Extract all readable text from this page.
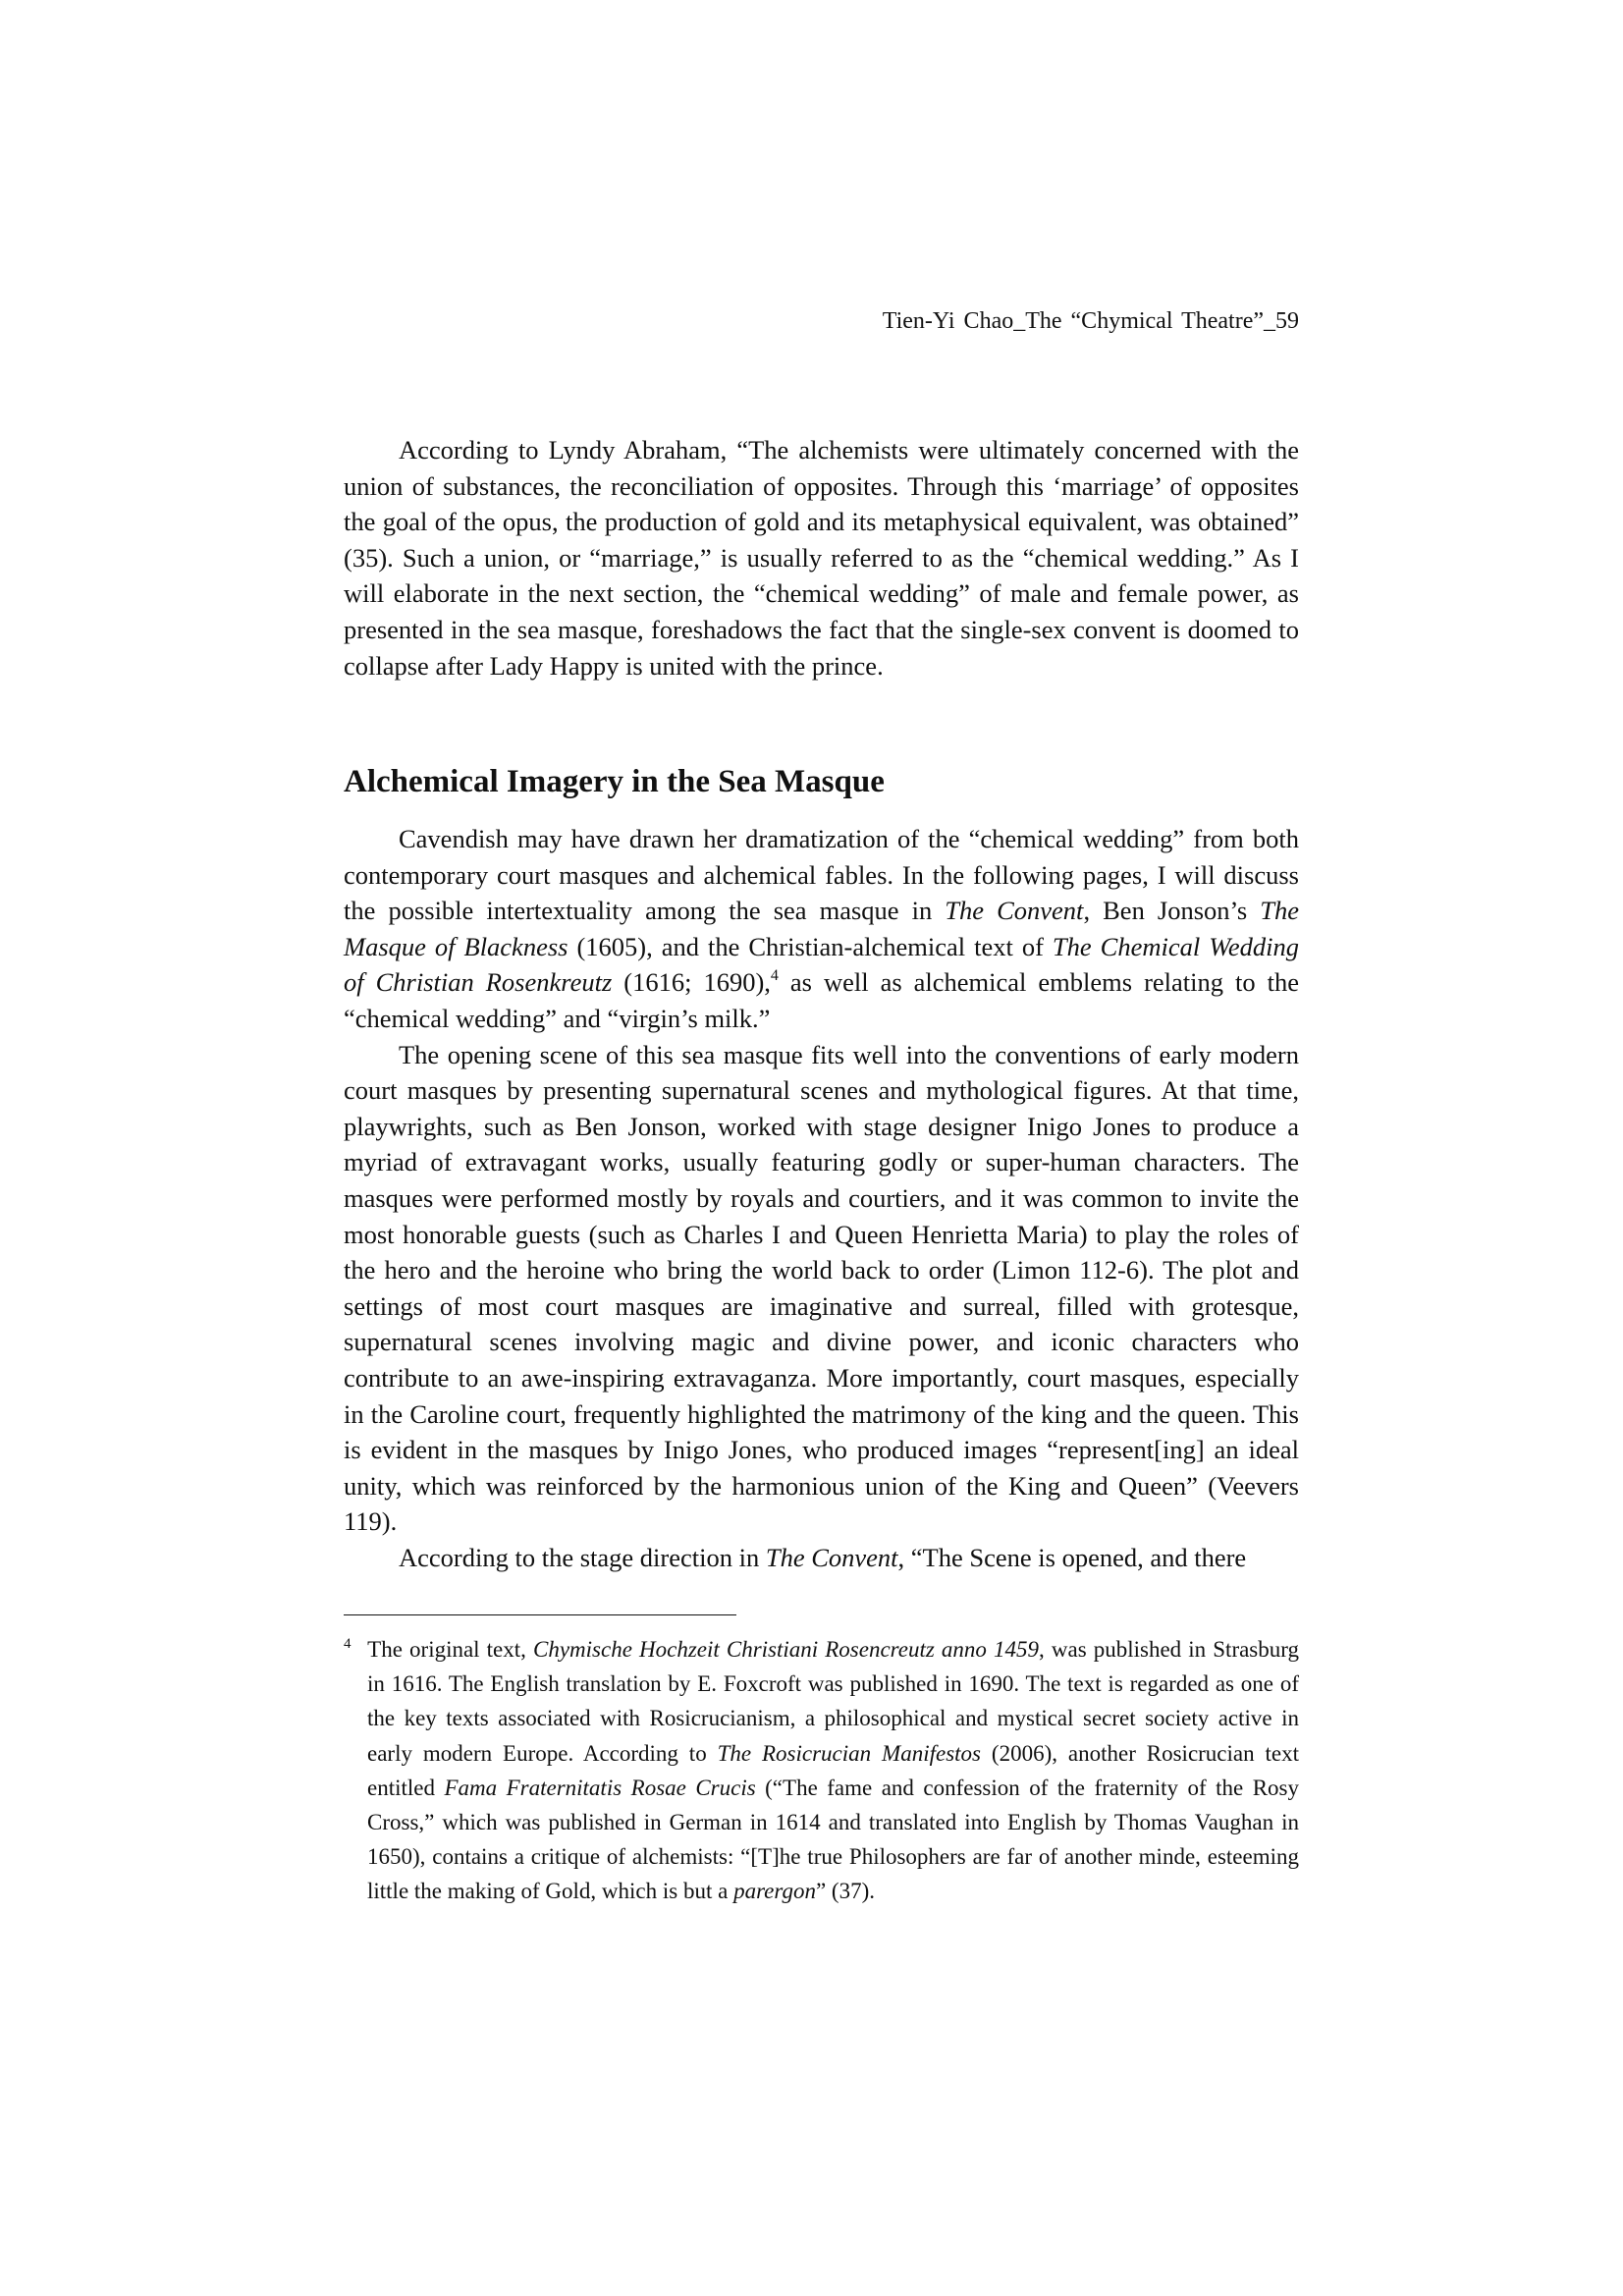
Tien-Yi Chao_The “Chymical Theatre”_59

According to Lyndy Abraham, “The alchemists were ultimately concerned with the union of substances, the reconciliation of opposites. Through this ‘marriage’ of opposites the goal of the opus, the production of gold and its metaphysical equivalent, was obtained” (35). Such a union, or “marriage,” is usually referred to as the “chemical wedding.” As I will elaborate in the next section, the “chemical wedding” of male and female power, as presented in the sea masque, foreshadows the fact that the single-sex convent is doomed to collapse after Lady Happy is united with the prince.

Alchemical Imagery in the Sea Masque

Cavendish may have drawn her dramatization of the “chemical wedding” from both contemporary court masques and alchemical fables. In the following pages, I will discuss the possible intertextuality among the sea masque in The Convent, Ben Jonson’s The Masque of Blackness (1605), and the Christian-alchemical text of The Chemical Wedding of Christian Rosenkreutz (1616; 1690),$^4$ as well as alchemical emblems relating to the “chemical wedding” and “virgin’s milk.”

The opening scene of this sea masque fits well into the conventions of early modern court masques by presenting supernatural scenes and mythological figures. At that time, playwrights, such as Ben Jonson, worked with stage designer Inigo Jones to produce a myriad of extravagant works, usually featuring godly or super-human characters. The masques were performed mostly by royals and courtiers, and it was common to invite the most honorable guests (such as Charles I and Queen Henrietta Maria) to play the roles of the hero and the heroine who bring the world back to order (Limon 112-6). The plot and settings of most court masques are imaginative and surreal, filled with grotesque, supernatural scenes involving magic and divine power, and iconic characters who contribute to an awe-inspiring extravaganza. More importantly, court masques, especially in the Caroline court, frequently highlighted the matrimony of the king and the queen. This is evident in the masques by Inigo Jones, who produced images “represent[ing] an ideal unity, which was reinforced by the harmonious union of the King and Queen” (Veevers 119).

According to the stage direction in The Convent, “The Scene is opened, and there

$^4$ The original text, Chymische Hochzeit Christiani Rosencreutz anno 1459, was published in Strasburg in 1616. The English translation by E. Foxcroft was published in 1690. The text is regarded as one of the key texts associated with Rosicrucianism, a philosophical and mystical secret society active in early modern Europe. According to The Rosicrucian Manifestos (2006), another Rosicrucian text entitled Fama Fraternitatis Rosae Crucis (“The fame and confession of the fraternity of the Rosy Cross,” which was published in German in 1614 and translated into English by Thomas Vaughan in 1650), contains a critique of alchemists: “[T]he true Philosophers are far of another minde, esteeming little the making of Gold, which is but a parergon” (37).
